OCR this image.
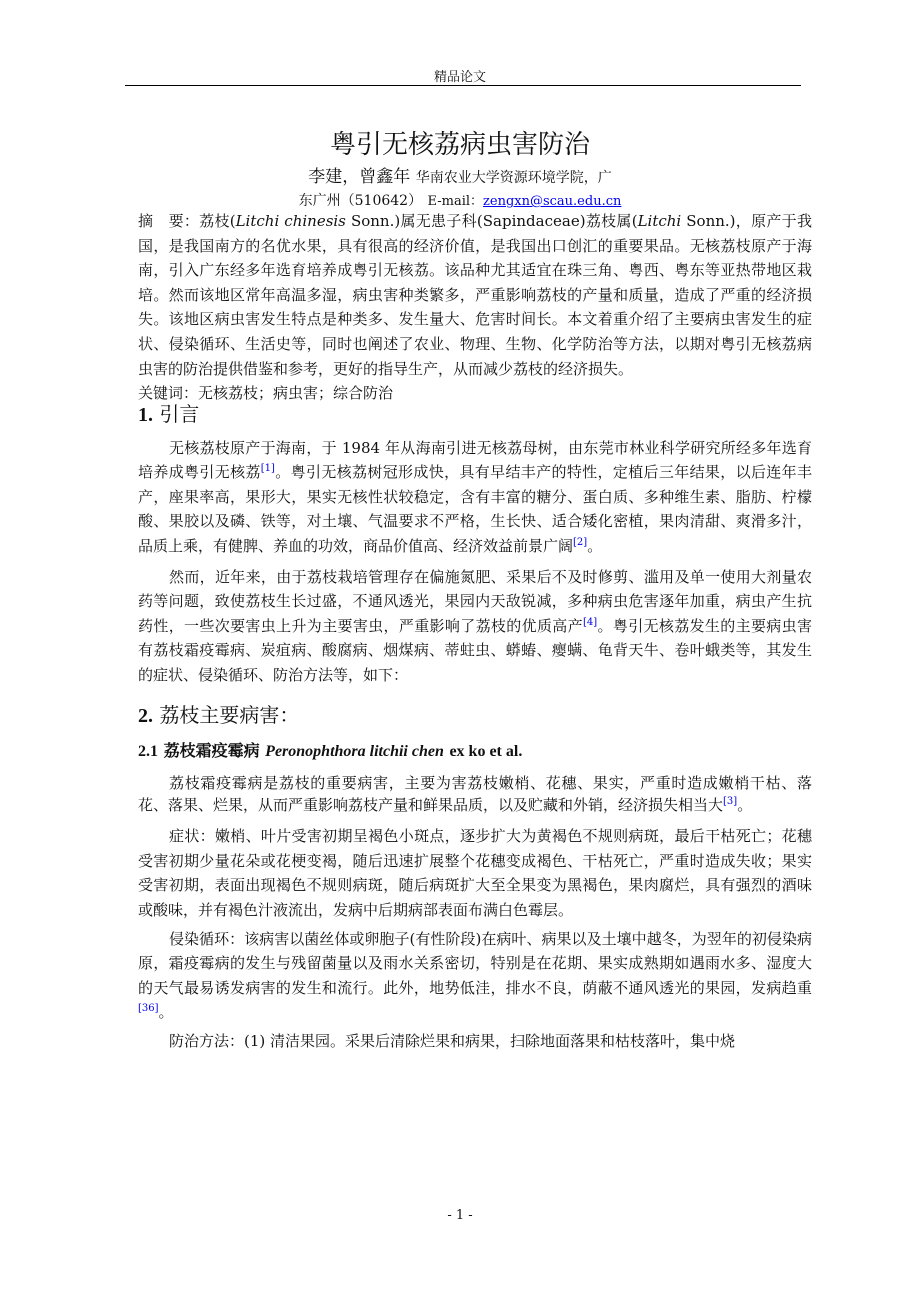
精品论文
粤引无核荔病虫害防治
李建，曾鑫年 华南农业大学资源环境学院，广
东广州（510642） E-mail：zengxn@scau.edu.cn

摘　要：荔枝(Litchi chinesis Sonn.)属无患子科(Sapindaceae)荔枝属(Litchi Sonn.)，原产于我国，是我国南方的名优水果，具有很高的经济价值，是我国出口创汇的重要果品。无核荔枝原产于海南，引入广东经多年选育培养成粤引无核荔。该品种尤其适宜在珠三角、粤西、粤东等亚热带地区栽培。然而该地区常年高温多湿，病虫害种类繁多，严重影响荔枝的产量和质量，造成了严重的经济损失。该地区病虫害发生特点是种类多、发生量大、危害时间长。本文着重介绍了主要病虫害发生的症状、侵染循环、生活史等，同时也阐述了农业、物理、生物、化学防治等方法，以期对粤引无核荔病虫害的防治提供借鉴和参考，更好的指导生产，从而减少荔枝的经济损失。

关键词：无核荔枝；病虫害；综合防治

1. 引言

无核荔枝原产于海南，于 1984 年从海南引进无核荔母树，由东莞市林业科学研究所经多年选育培养成粤引无核荔[1]。粤引无核荔树冠形成快，具有早结丰产的特性，定植后三年结果，以后连年丰产，座果率高，果形大，果实无核性状较稳定，含有丰富的糖分、蛋白质、多种维生素、脂肪、柠檬酸、果胶以及磷、铁等，对土壤、气温要求不严格，生长快、适合矮化密植，果肉清甜、爽滑多汁，品质上乘，有健脾、养血的功效，商品价值高、经济效益前景广阔[2]。

然而，近年来，由于荔枝栽培管理存在偏施氮肥、采果后不及时修剪、滥用及单一使用大剂量农药等问题，致使荔枝生长过盛，不通风透光，果园内天敌锐减，多种病虫危害逐年加重，病虫产生抗药性，一些次要害虫上升为主要害虫，严重影响了荔枝的优质高产[4]。粤引无核荔发生的主要病虫害有荔枝霜疫霉病、炭疽病、酸腐病、烟煤病、蒂蛀虫、蟒蝽、瘿螨、龟背天牛、卷叶蛾类等，其发生的症状、侵染循环、防治方法等，如下：

2. 荔枝主要病害：
2.1 荔枝霜疫霉病 Peronophthora litchii chen ex ko et al.

荔枝霜疫霉病是荔枝的重要病害，主要为害荔枝嫩梢、花穗、果实，严重时造成嫩梢干枯、落花、落果、烂果，从而严重影响荔枝产量和鲜果品质，以及贮藏和外销，经济损失相当大[3]。

症状：嫩梢、叶片受害初期呈褐色小斑点，逐步扩大为黄褐色不规则病斑，最后干枯死亡；花穗受害初期少量花朵或花梗变褐，随后迅速扩展整个花穗变成褐色、干枯死亡，严重时造成失收；果实受害初期，表面出现褐色不规则病斑，随后病斑扩大至全果变为黑褐色，果肉腐烂，具有强烈的酒味或酸味，并有褐色汁液流出，发病中后期病部表面布满白色霉层。

侵染循环：该病害以菌丝体或卵胞子(有性阶段)在病叶、病果以及土壤中越冬，为翌年的初侵染病原，霜疫霉病的发生与残留菌量以及雨水关系密切，特别是在花期、果实成熟期如遇雨水多、湿度大的天气最易诱发病害的发生和流行。此外，地势低洼，排水不良，荫蔽不通风透光的果园，发病趋重[36]。

防治方法：(1) 清洁果园。采果后清除烂果和病果，扫除地面落果和枯枝落叶，集中烧

- 1 -
